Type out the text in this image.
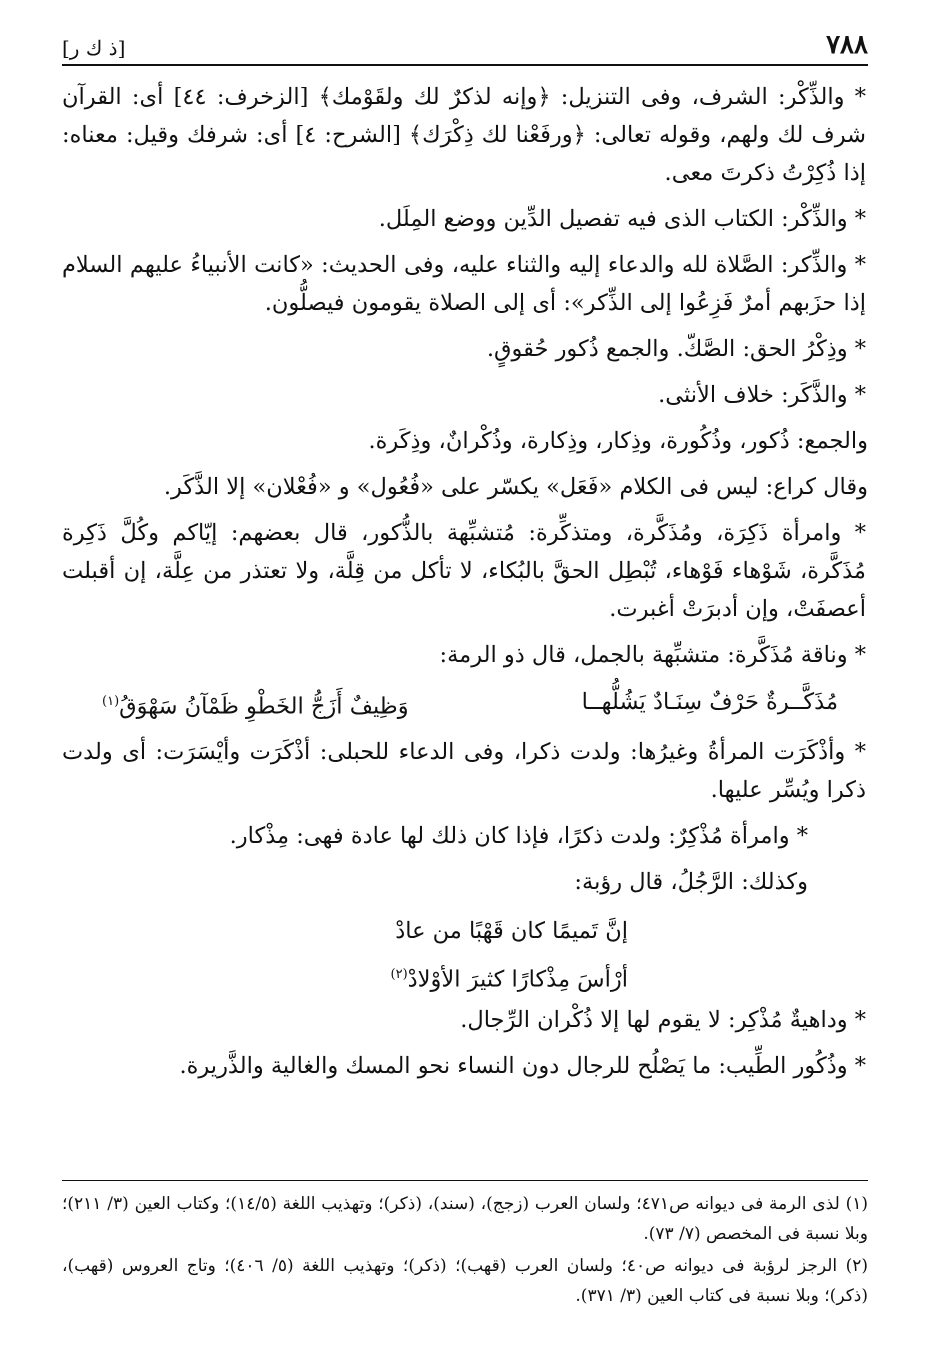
٧٨٨
[ذ ك ر]

* والذِّكْر: الشرف، وفى التنزيل: ﴿وإنه لذكرٌ لك ولقَوْمك﴾ [الزخرف: ٤٤] أى: القرآن شرف لك ولهم، وقوله تعالى: ﴿ورفَعْنا لك ذِكْرَك﴾ [الشرح: ٤] أى: شرفك وقيل: معناه: إذا ذُكِرْتُ ذكرتَ معى.

* والذِّكْر: الكتاب الذى فيه تفصيل الدِّين ووضع المِلَل.

* والذِّكر: الصَّلاة لله والدعاء إليه والثناء عليه، وفى الحديث: «كانت الأنبياءُ عليهم السلام إذا حزَبهم أمرٌ فَزِعُوا إلى الذِّكر»: أى إلى الصلاة يقومون فيصلُّون.

* وذِكْرُ الحق: الصَّكّ. والجمع ذُكور حُقوقٍ.

* والذَّكَر: خلاف الأنثى.

والجمع: ذُكور، وذُكُورة، وذِكار، وذِكارة، وذُكْرانٌ، وذِكَرة.

وقال كراع: ليس فى الكلام «فَعَل» يكسّر على «فُعُول» و «فُعْلان» إلا الذَّكَر.

* وامرأة ذَكِرَة، ومُذَكَّرة، ومتذكِّرة: مُتشبِّهة بالذُّكور، قال بعضهم: إيّاكم وكُلَّ ذَكِرة مُذَكَّرة، شَوْهاء فَوْهاء، تُبْطِل الحقَّ بالبُكاء، لا تأكل من قِلَّة، ولا تعتذر من عِلَّة، إن أقبلت أعصفَتْ، وإن أدبرَتْ أغبرت.

* وناقة مُذَكَّرة: متشبِّهة بالجمل، قال ذو الرمة:

مُذَكَّــرةٌ حَرْفٌ سِنَـادٌ يَشُلُّهــا
وَظِيفٌ أَزَجُّ الخَطْوِ ظَمْآنُ سَهْوَقُ$^{(١)}$

* وأذْكَرَت المرأةُ وغيرُها: ولدت ذكرا، وفى الدعاء للحبلى: أذْكَرَت وأيْسَرَت: أى ولدت ذكرا ويُسِّر عليها.

* وامرأة مُذْكِرٌ: ولدت ذكرًا، فإذا كان ذلك لها عادة فهى: مِذْكار.

وكذلك: الرَّجُلُ، قال رؤبة:

إنَّ تَميمًا كان قَهْبًا من عادْ
أرْأسَ مِذْكارًا كثيرَ الأوْلادْ$^{(٢)}$

* وداهيةٌ مُذْكِر: لا يقوم لها إلا ذُكْران الرِّجال.

* وذُكُور الطِّيب: ما يَصْلُح للرجال دون النساء نحو المسك والغالية والذَّريرة.

(١) لذى الرمة فى ديوانه ص٤٧١؛ ولسان العرب (زجج)، (سند)، (ذكر)؛ وتهذيب اللغة (١٤/٥)؛ وكتاب العين (٣/ ٢١١)؛ وبلا نسبة فى المخصص (٧/ ٧٣).

(٢) الرجز لرؤبة فى ديوانه ص٤٠؛ ولسان العرب (قهب)؛ (ذكر)؛ وتهذيب اللغة (٥/ ٤٠٦)؛ وتاج العروس (قهب)، (ذكر)؛ وبلا نسبة فى كتاب العين (٣/ ٣٧١).
